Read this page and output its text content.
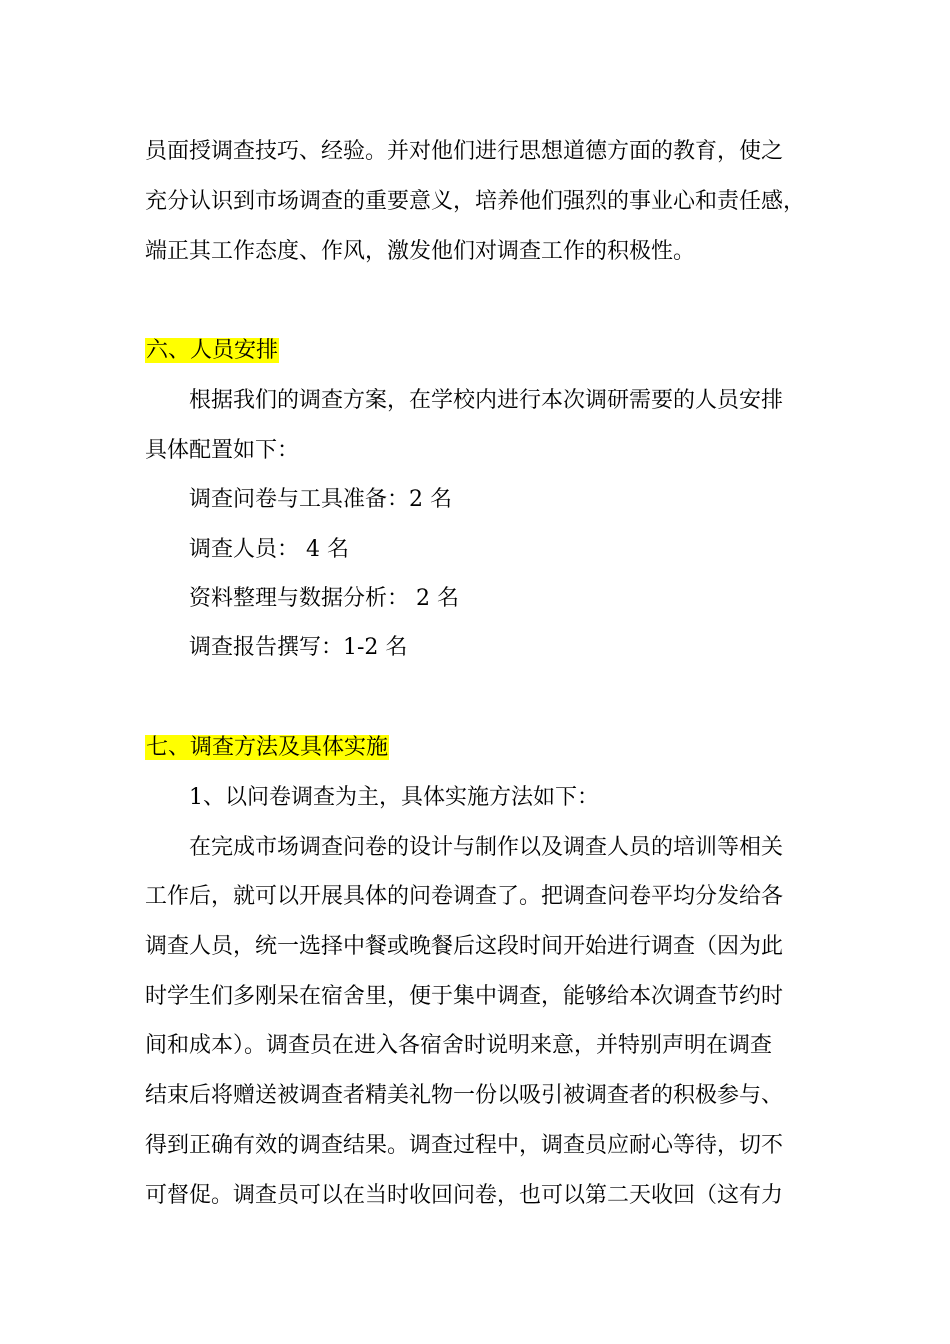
员面授调查技巧、经验。并对他们进行思想道德方面的教育，使之
充分认识到市场调查的重要意义，培养他们强烈的事业心和责任感，
端正其工作态度、作风，激发他们对调查工作的积极性。
六、人员安排
根据我们的调查方案，在学校内进行本次调研需要的人员安排
具体配置如下：
调查问卷与工具准备：2 名
调查人员： 4 名
资料整理与数据分析： 2 名
调查报告撰写：1-2 名
七、调查方法及具体实施
1、以问卷调查为主，具体实施方法如下：
在完成市场调查问卷的设计与制作以及调查人员的培训等相关
工作后，就可以开展具体的问卷调查了。把调查问卷平均分发给各
调查人员，统一选择中餐或晚餐后这段时间开始进行调查（因为此
时学生们多刚呆在宿舍里，便于集中调查，能够给本次调查节约时
间和成本）。调查员在进入各宿舍时说明来意，并特别声明在调查
结束后将赠送被调查者精美礼物一份以吸引被调查者的积极参与、
得到正确有效的调查结果。调查过程中，调查员应耐心等待，切不
可督促。调查员可以在当时收回问卷，也可以第二天收回（这有力
